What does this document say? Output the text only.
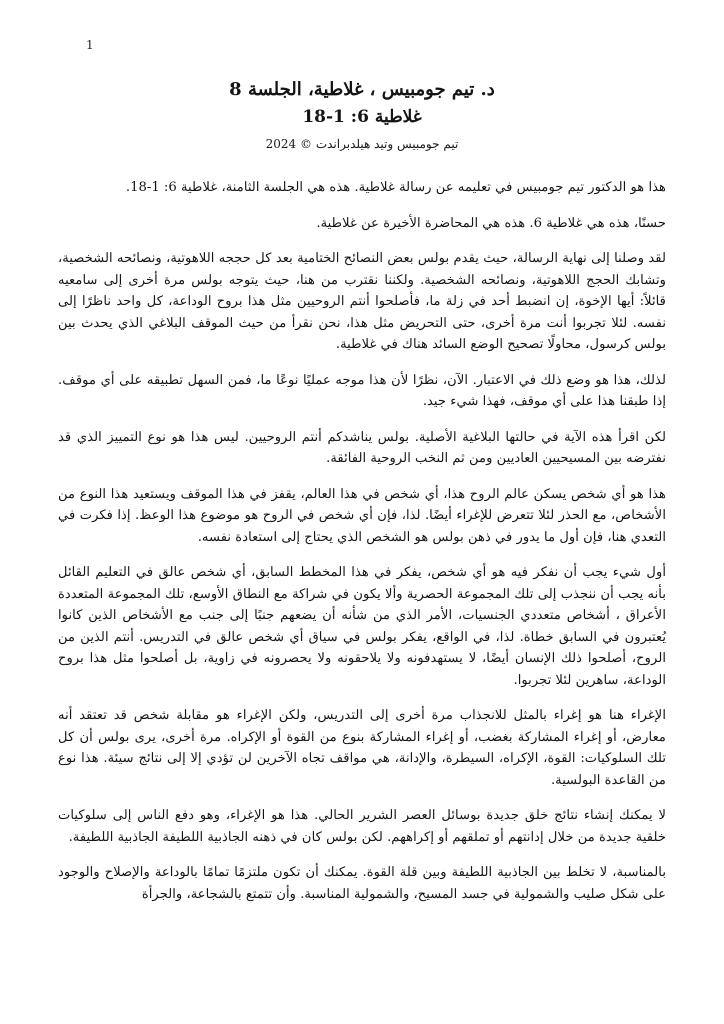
1
د. تيم جومبيس ، غلاطية، الجلسة 8
غلاطية 6: 1-18
تيم جومبيس وتيد هيلدبراندت © 2024

هذا هو الدكتور تيم جومبيس في تعليمه عن رسالة غلاطية. هذه هي الجلسة الثامنة، غلاطية 6: 1-18.

حسنًا، هذه هي غلاطية 6. هذه هي المحاضرة الأخيرة عن غلاطية.

لقد وصلنا إلى نهاية الرسالة، حيث يقدم بولس بعض النصائح الختامية بعد كل حججه اللاهوتية، ونصائحه الشخصية، وتشابك الحجج اللاهوتية، ونصائحه الشخصية. ولكننا نقترب من هنا، حيث يتوجه بولس مرة أخرى إلى سامعيه قائلاً: أيها الإخوة، إن انضبط أحد في زلة ما، فأصلحوا أنتم الروحيين مثل هذا بروح الوداعة، كل واحد ناظرًا إلى نفسه. لئلا تجربوا أنت مرة أخرى، حتى التحريض مثل هذا، نحن نقرأ من حيث الموقف البلاغي الذي يحدث بين بولس كرسول، محاولًا تصحيح الوضع السائد هناك في غلاطية.

لذلك، هذا هو وضع ذلك في الاعتبار. الآن، نظرًا لأن هذا موجه عمليًا نوعًا ما، فمن السهل تطبيقه على أي موقف. إذا طبقنا هذا على أي موقف، فهذا شيء جيد.

لكن اقرأ هذه الآية في حالتها البلاغية الأصلية. بولس يناشدكم أنتم الروحيين. ليس هذا هو نوع التمييز الذي قد نفترضه بين المسيحيين العاديين ومن ثم النخب الروحية الفائقة.

هذا هو أي شخص يسكن عالم الروح هذا، أي شخص في هذا العالم، يقفز في هذا الموقف ويستعيد هذا النوع من الأشخاص، مع الحذر لئلا تتعرض للإغراء أيضًا. لذا، فإن أي شخص في الروح هو موضوع هذا الوعظ. إذا فكرت في التعدي هنا، فإن أول ما يدور في ذهن بولس هو الشخص الذي يحتاج إلى استعادة نفسه.

أول شيء يجب أن نفكر فيه هو أي شخص، يفكر في هذا المخطط السابق، أي شخص عالق في التعليم القائل بأنه يجب أن ننجذب إلى تلك المجموعة الحصرية وألا يكون في شراكة مع النطاق الأوسع، تلك المجموعة المتعددة الأعراق ، أشخاص متعددي الجنسيات، الأمر الذي من شأنه أن يضعهم جنبًا إلى جنب مع الأشخاص الذين كانوا يُعتبرون في السابق خطاة. لذا، في الواقع، يفكر بولس في سياق أي شخص عالق في التدريس. أنتم الذين من الروح، أصلحوا ذلك الإنسان أيضًا، لا يستهدفونه ولا يلاحقونه ولا يحصرونه في زاوية، بل أصلحوا مثل هذا بروح الوداعة، ساهرين لئلا تجربوا.

الإغراء هنا هو إغراء بالمثل للانجذاب مرة أخرى إلى التدريس، ولكن الإغراء هو مقابلة شخص قد تعتقد أنه معارض، أو إغراء المشاركة بغضب، أو إغراء المشاركة بنوع من القوة أو الإكراه. مرة أخرى، يرى بولس أن كل تلك السلوكيات: القوة، الإكراه، السيطرة، والإدانة، هي مواقف تجاه الآخرين لن تؤدي إلا إلى نتائج سيئة. هذا نوع من القاعدة البولسية.

لا يمكنك إنشاء نتائج خلق جديدة بوسائل العصر الشرير الحالي. هذا هو الإغراء، وهو دفع الناس إلى سلوكيات خلقية جديدة من خلال إدانتهم أو تملقهم أو إكراههم. لكن بولس كان في ذهنه الجاذبية اللطيفة الجاذبية اللطيفة.

بالمناسبة، لا تخلط بين الجاذبية اللطيفة وبين قلة القوة. يمكنك أن تكون ملتزمًا تمامًا بالوداعة والإصلاح والوجود على شكل صليب والشمولية في جسد المسيح، والشمولية المناسبة. وأن تتمتع بالشجاعة، والجرأة
